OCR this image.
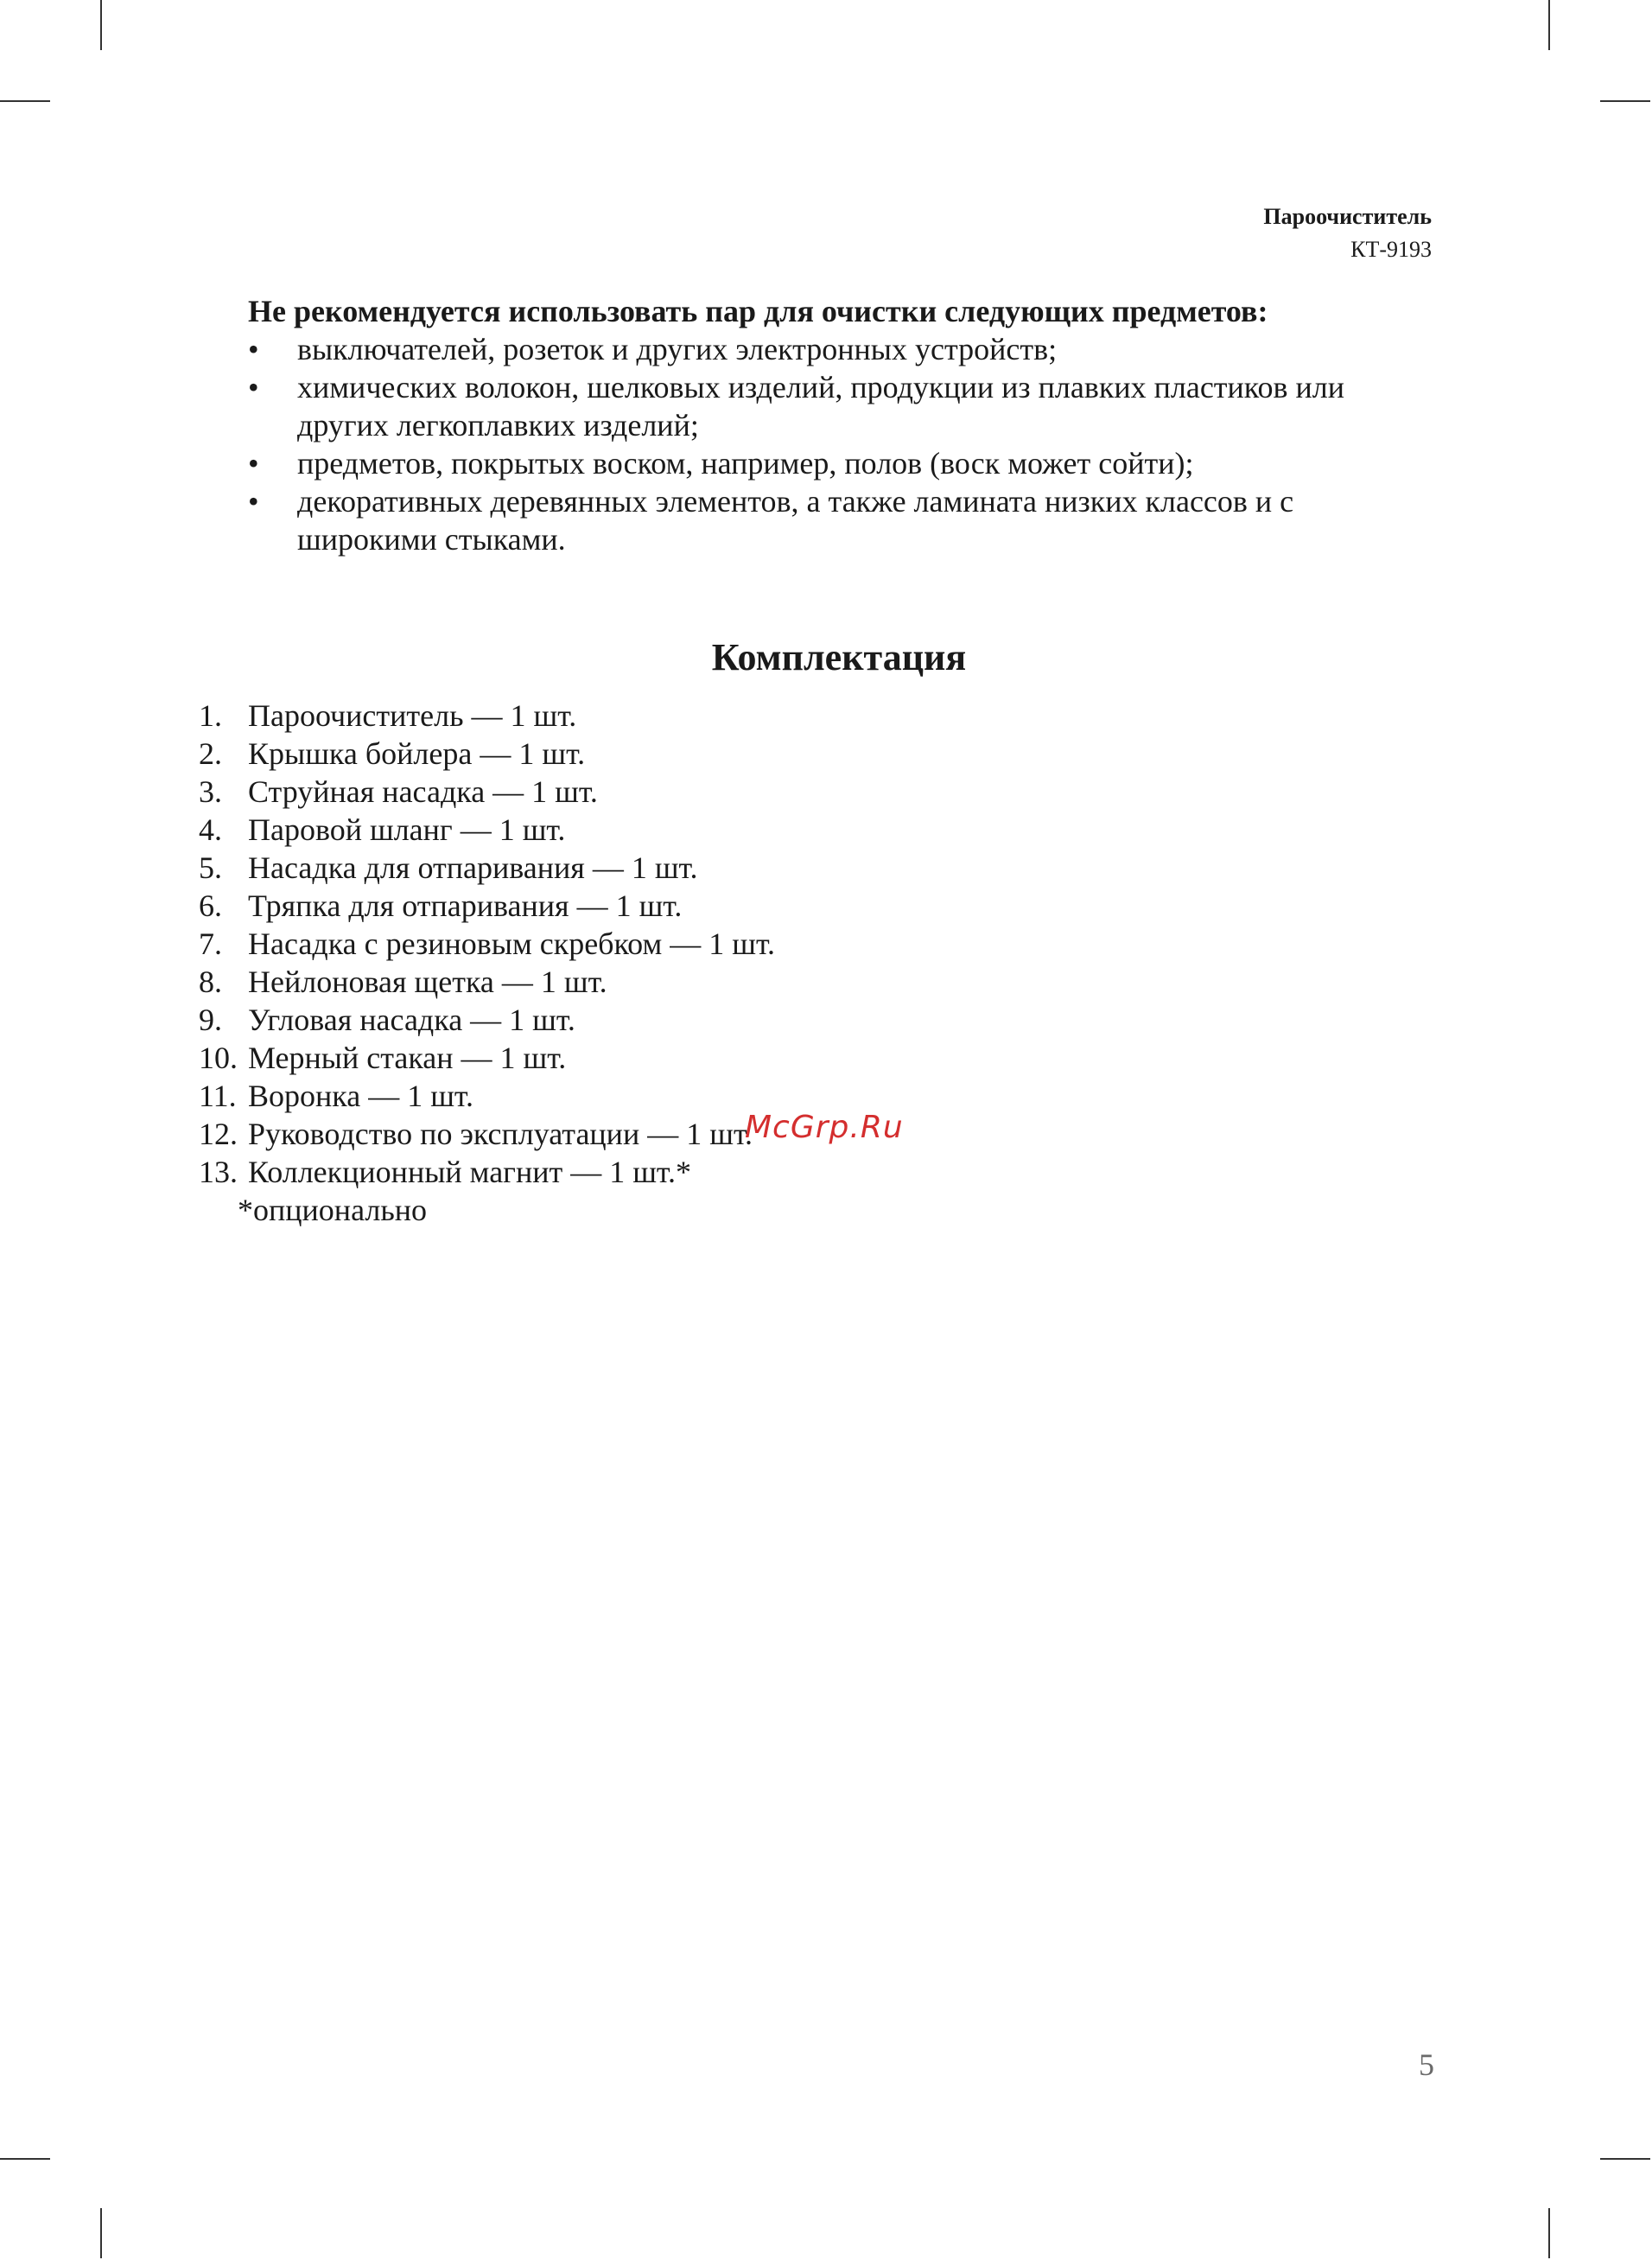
Пароочиститель
КТ-9193
Не рекомендуется использовать пар для очистки следующих предметов:
• выключателей, розеток и других электронных устройств;
• химических волокон, шелковых изделий, продукции из плавких пластиков или других легкоплавких изделий;
• предметов, покрытых воском, например, полов (воск может сойти);
• декоративных деревянных элементов, а также ламината низких классов и с широкими стыками.
Комплектация
1. Пароочиститель — 1 шт.
2. Крышка бойлера — 1 шт.
3. Струйная насадка — 1 шт.
4. Паровой шланг — 1 шт.
5. Насадка для отпаривания — 1 шт.
6. Тряпка для отпаривания — 1 шт.
7. Насадка с резиновым скребком — 1 шт.
8. Нейлоновая щетка — 1 шт.
9. Угловая насадка — 1 шт.
10. Мерный стакан — 1 шт.
11. Воронка — 1 шт.
12. Руководство по эксплуатации — 1 шт.
13. Коллекционный магнит — 1 шт.*
*опционально
McGrp.Ru
5
